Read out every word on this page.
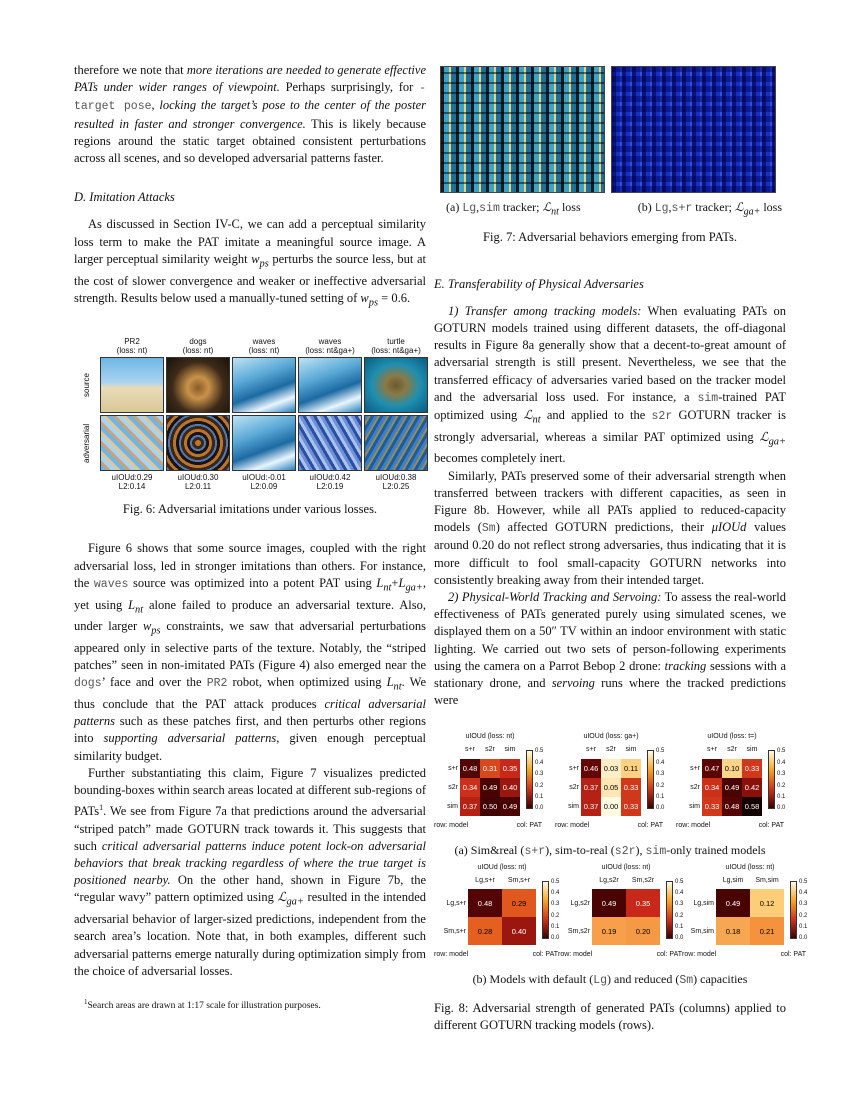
therefore we note that more iterations are needed to generate effective PATs under wider ranges of viewpoint. Perhaps surprisingly, for -target pose, locking the target’s pose to the center of the poster resulted in faster and stronger convergence. This is likely because regions around the static target obtained consistent perturbations across all scenes, and so developed adversarial patterns faster.

D. Imitation Attacks

As discussed in Section IV-C, we can add a perceptual similarity loss term to make the PAT imitate a meaningful source image. A larger perceptual similarity weight $w_{ps}$ perturbs the source less, but at the cost of slower convergence and weaker or ineffective adversarial strength. Results below used a manually-tuned setting of $w_{ps} = 0.6$.

PR2
(loss: nt)
dogs
(loss: nt)
waves
(loss: nt)
waves
(loss: nt&ga+)
turtle
(loss: nt&ga+)
source
adversarial
uIOUd:0.29
L2:0.14
uIOUd:0.30
L2:0.11
uIOUd:-0.01
L2:0.09
uIOUd:0.42
L2:0.19
uIOUd:0.38
L2:0.25
Fig. 6: Adversarial imitations under various losses.

Figure 6 shows that some source images, coupled with the right adversarial loss, led in stronger imitations than others. For instance, the waves source was optimized into a potent PAT using $L_{nt}+L_{ga+}$, yet using $L_{nt}$ alone failed to produce an adversarial texture. Also, under larger $w_{ps}$ constraints, we saw that adversarial perturbations appeared only in selective parts of the texture. Notably, the “striped patches” seen in non-imitated PATs (Figure 4) also emerged near the dogs’ face and over the PR2 robot, when optimized using $L_{nt}$. We thus conclude that the PAT attack produces critical adversarial patterns such as these patches first, and then perturbs other regions into supporting adversarial patterns, given enough perceptual similarity budget.

Further substantiating this claim, Figure 7 visualizes predicted bounding-boxes within search areas located at different sub-regions of PATs$^1$. We see from Figure 7a that predictions around the adversarial “striped patch” made GOTURN track towards it. This suggests that such critical adversarial patterns induce potent lock-on adversarial behaviors that break tracking regardless of where the true target is positioned nearby. On the other hand, shown in Figure 7b, the “regular wavy” pattern optimized using ℒ$_{ga+}$ resulted in the intended adversarial behavior of larger-sized predictions, independent from the search area’s location. Note that, in both examples, different such adversarial patterns emerge naturally during optimization simply from the choice of adversarial losses.

$^1$Search areas are drawn at 1:17 scale for illustration purposes.
(a) Lg,sim tracker; ℒ$_{nt}$ loss	(b) Lg,s+r tracker; ℒ$_{ga+}$ loss
Fig. 7: Adversarial behaviors emerging from PATs.
E. Transferability of Physical Adversaries

1) Transfer among tracking models: When evaluating PATs on GOTURN models trained using different datasets, the off-diagonal results in Figure 8a generally show that a decent-to-great amount of adversarial strength is still present. Nevertheless, we see that the transferred efficacy of adversaries varied based on the tracker model and the adversarial loss used. For instance, a sim-trained PAT optimized using ℒ$_{nt}$ and applied to the s2r GOTURN tracker is strongly adversarial, whereas a similar PAT optimized using ℒ$_{ga+}$ becomes completely inert.

Similarly, PATs preserved some of their adversarial strength when transferred between trackers with different capacities, as seen in Figure 8b. However, while all PATs applied to reduced-capacity models (Sm) affected GOTURN predictions, their μIOUd values around 0.20 do not reflect strong adversaries, thus indicating that it is more difficult to fool small-capacity GOTURN networks into consistently breaking away from their intended target.

2) Physical-World Tracking and Servoing: To assess the real-world effectiveness of PATs generated purely using simulated scenes, we displayed them on a 50″ TV within an indoor environment with static lighting. We carried out two sets of person-following experiments using the camera on a Parrot Bebop 2 drone: tracking sessions with a stationary drone, and servoing runs where the tracked predictions were

uIOUd (loss: nt)
s+r	s2r	sim
s+r 0.48 0.31 0.35
s2r 0.34 0.49 0.40
sim 0.37 0.50 0.49
0.5
0.4
0.3
0.2
0.1
0.0
row: model	col: PAT
uIOUd (loss: ga+)
s+r	s2r	sim
s+r 0.46 0.03 0.11
s2r 0.37 0.05 0.33
sim 0.37 0.00 0.33
0.5
0.4
0.3
0.2
0.1
0.0
row: model	col: PAT
uIOUd (loss: t=)
s+r	s2r	sim
s+r 0.47 0.10 0.33
s2r 0.34 0.49 0.42
sim 0.33 0.48 0.58
0.5
0.4
0.3
0.2
0.1
0.0
row: model	col: PAT
(a) Sim&real (s+r), sim-to-real (s2r), sim-only trained models
uIOUd (loss: nt)
Lg,s+r	Sm,s+r
Lg,s+r	0.48	0.29
Sm,s+r	0.28	0.40
0.5
0.4
0.3
0.2
0.1
0.0
row: model	col: PAT
uIOUd (loss: nt)
Lg,s2r	Sm,s2r
Lg,s2r	0.49	0.35
Sm,s2r	0.19	0.20
0.5
0.4
0.3
0.2
0.1
0.0
row: model	col: PAT
uIOUd (loss: nt)
Lg,sim	Sm,sim
Lg,sim	0.49	0.12
Sm,sim	0.18	0.21
0.5
0.4
0.3
0.2
0.1
0.0
row: model	col: PAT
(b) Models with default (Lg) and reduced (Sm) capacities
Fig. 8: Adversarial strength of generated PATs (columns) applied to different GOTURN tracking models (rows).
